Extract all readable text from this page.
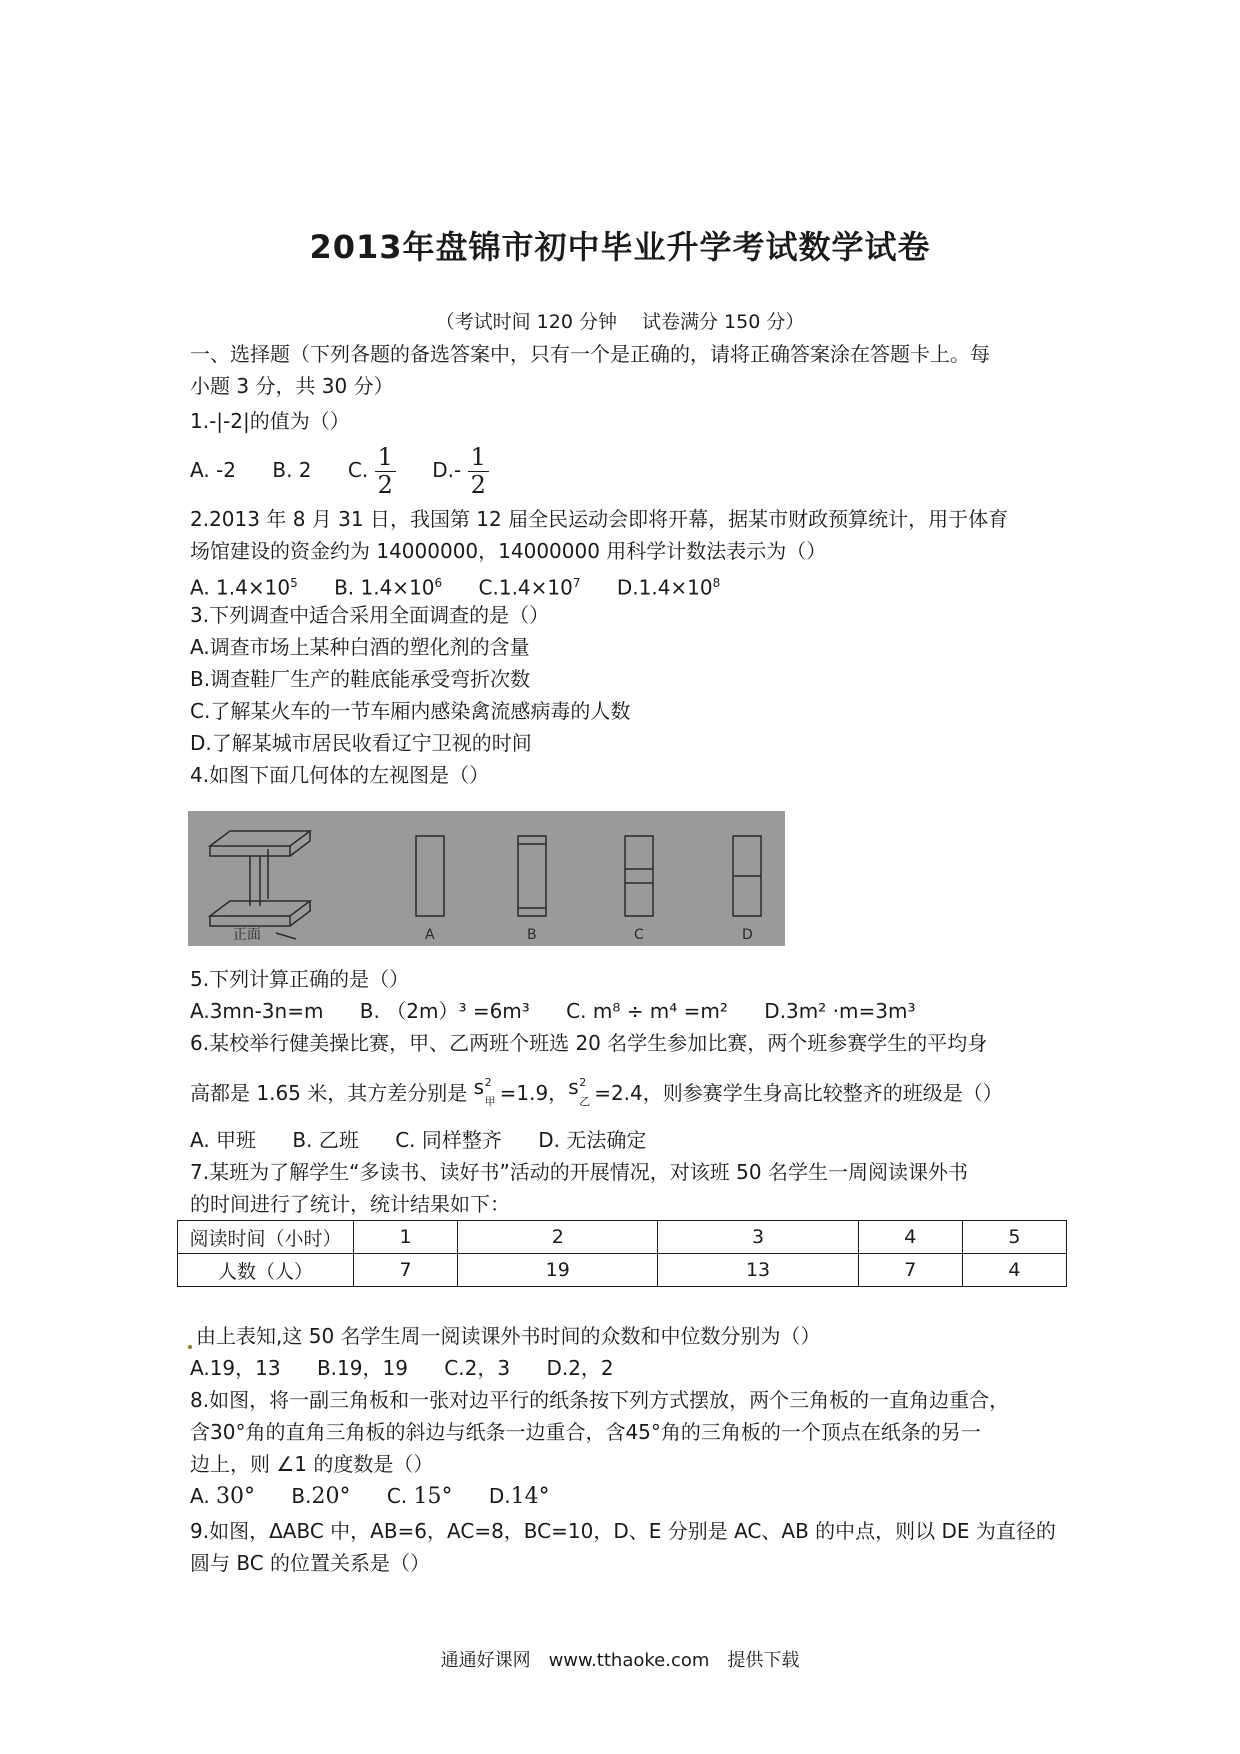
2013年盘锦市初中毕业升学考试数学试卷
（考试时间 120 分钟　 试卷满分 150 分）
一、选择题（下列各题的备选答案中，只有一个是正确的，请将正确答案涂在答题卡上。每
小题 3 分，共 30 分）
1.-|-2|的值为（）
A. -2 B. 2 C. $\frac{1}{2} D.- \frac{1}{2}$
2.2013 年 8 月 31 日，我国第 12 届全民运动会即将开幕，据某市财政预算统计，用于体育
场馆建设的资金约为 14000000，14000000 用科学计数法表示为（）
A. $1.4\times 10^5$ B. $1.4\times 10^6$ $C.1.4\times 10^7$ $D.1.4\times 10^8$
3.下列调查中适合采用全面调查的是（）
A.调查市场上某种白酒的塑化剂的含量
B.调查鞋厂生产的鞋底能承受弯折次数
C.了解某火车的一节车厢内感染禽流感病毒的人数
D.了解某城市居民收看辽宁卫视的时间
4.如图下面几何体的左视图是（）
正面	A	B	C	D
5.下列计算正确的是（）
A.3mn-3n=m B. （2m）³ =6m³ C. m⁸ ÷ m⁴ =m² D.3m² ·m=3m³
6.某校举行健美操比赛，甲、乙两班个班选 20 名学生参加比赛，两个班参赛学生的平均身
高都是 1.65 米，其方差分别是 s 2
甲 =1.9， s 2
乙 =2.4，则参赛学生身高比较整齐的班级是（）
A. 甲班 B. 乙班 C. 同样整齐 D. 无法确定
7.某班为了解学生“多读书、读好书”活动的开展情况，对该班 50 名学生一周阅读课外书
的时间进行了统计，统计结果如下：
阅读时间（小时）	1	2	3	4	5
人数（人）	7	19	13	7	4
由上表知,这 50 名学生周一阅读课外书时间的众数和中位数分别为（）
A.19，13 B.19，19 C.2，3 D.2，2
8.如图，将一副三角板和一张对边平行的纸条按下列方式摆放，两个三角板的一直角边重合，
含30°角的直角三角板的斜边与纸条一边重合，含45°角的三角板的一个顶点在纸条的另一
边上，则 ∠1 的度数是（）
A. 30° B.20° C. 15° D.14°
9.如图，ΔABC 中，AB=6，AC=8，BC=10，D、E 分别是 AC、AB 的中点，则以 DE 为直径的
圆与 BC 的位置关系是（）
通通好课网　www.tthaoke.com　提供下载
